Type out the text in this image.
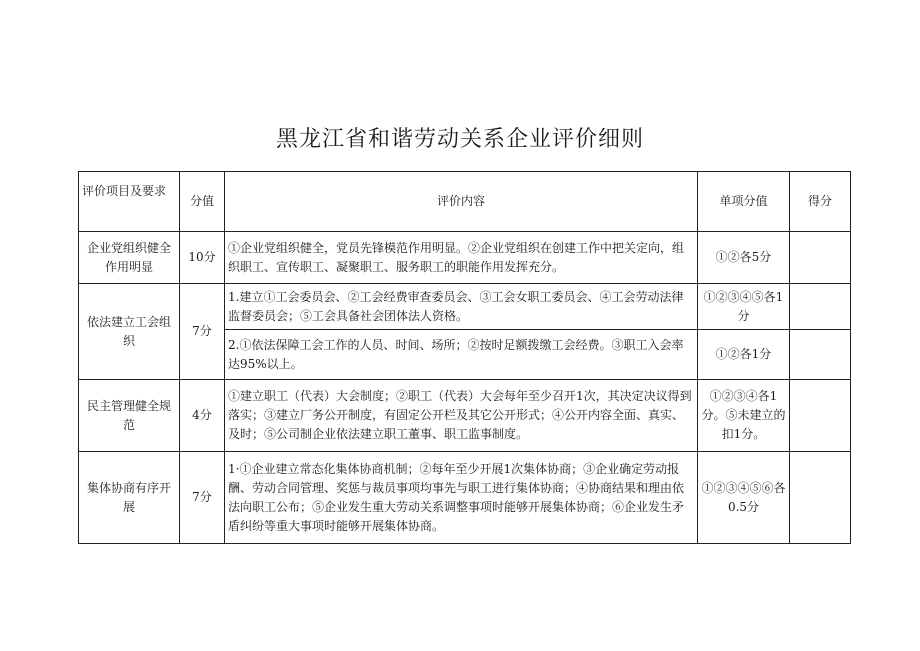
黑龙江省和谐劳动关系企业评价细则
评价项目及要求	分值	评价内容	单项分值	得分
企业党组织健全作用明显	10分	①企业党组织健全，党员先锋模范作用明显。②企业党组织在创建工作中把关定向，组织职工、宣传职工、凝聚职工、服务职工的职能作用发挥充分。	①②各5分	
依法建立工会组织	7分	1.建立①工会委员会、②工会经费审查委员会、③工会女职工委员会、④工会劳动法律监督委员会；⑤工会具备社会团体法人资格。	①②③④⑤各1分	
		2.①依法保障工会工作的人员、时间、场所；②按时足额拨缴工会经费。③职工入会率达95%以上。	①②各1分	
民主管理健全规范	4分	①建立职工（代表）大会制度；②职工（代表）大会每年至少召开1次，其决定决议得到落实；③建立厂务公开制度，有固定公开栏及其它公开形式；④公开内容全面、真实、及时；⑤公司制企业依法建立职工董事、职工监事制度。	①②③④各1分。⑤未建立的扣1分。	
集体协商有序开展	7分	1·①企业建立常态化集体协商机制；②每年至少开展1次集体协商；③企业确定劳动报酬、劳动合同管理、奖惩与裁员事项均事先与职工进行集体协商；④协商结果和理由依法向职工公布；⑤企业发生重大劳动关系调整事项时能够开展集体协商；⑥企业发生矛盾纠纷等重大事项时能够开展集体协商。	①②③④⑤⑥各0.5分	
